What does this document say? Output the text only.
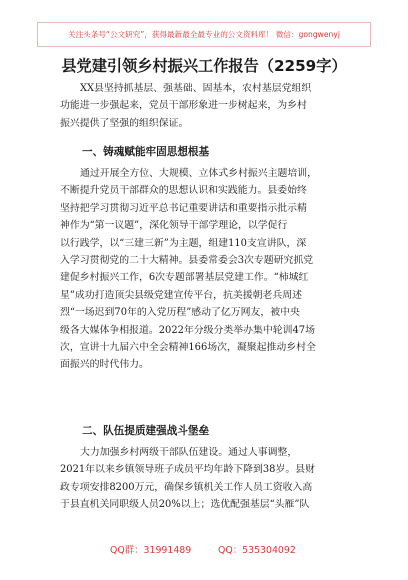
关注头条号“公文研究”，获得最新最全最专业的公文资料库！ 微信：gongwenyj
县党建引领乡村振兴工作报告（2259字）
XX县坚持抓基层、强基础、固基本，农村基层党组织
功能进一步强起来，党员干部形象进一步树起来，为乡村
振兴提供了坚强的组织保证。
一、铸魂赋能牢固思想根基
通过开展全方位、大规模、立体式乡村振兴主题培训，
不断提升党员干部群众的思想认识和实践能力。县委始终
坚持把学习贯彻习近平总书记重要讲话和重要指示批示精
神作为“第一议题”，深化领导干部学理论，以学促行
以行践学，以“三建三新”为主题，组建110支宣讲队，深
入学习贯彻党的二十大精神。县委常委会3次专题研究抓党
建促乡村振兴工作，6次专题部署基层党建工作。“柿城红
星”成功打造顶尖县级党建宣传平台，抗美援朝老兵周述
烈“一场迟到70年的入党历程”感动了亿万网友，被中央
级各大媒体争相报道。2022年分级分类举办集中轮训47场
次，宣讲十九届六中全会精神166场次，凝聚起推动乡村全
面振兴的时代伟力。
二、队伍提质建强战斗堡垒
大力加强乡村两级干部队伍建设。通过人事调整，
2021年以来乡镇领导班子成员平均年龄下降到38岁。县财
政专项安排8200万元，确保乡镇机关工作人员工资收入高
于县直机关同职级人员20%以上；选优配强基层“头雁”队
QQ群：31991489	QQ：535304092
